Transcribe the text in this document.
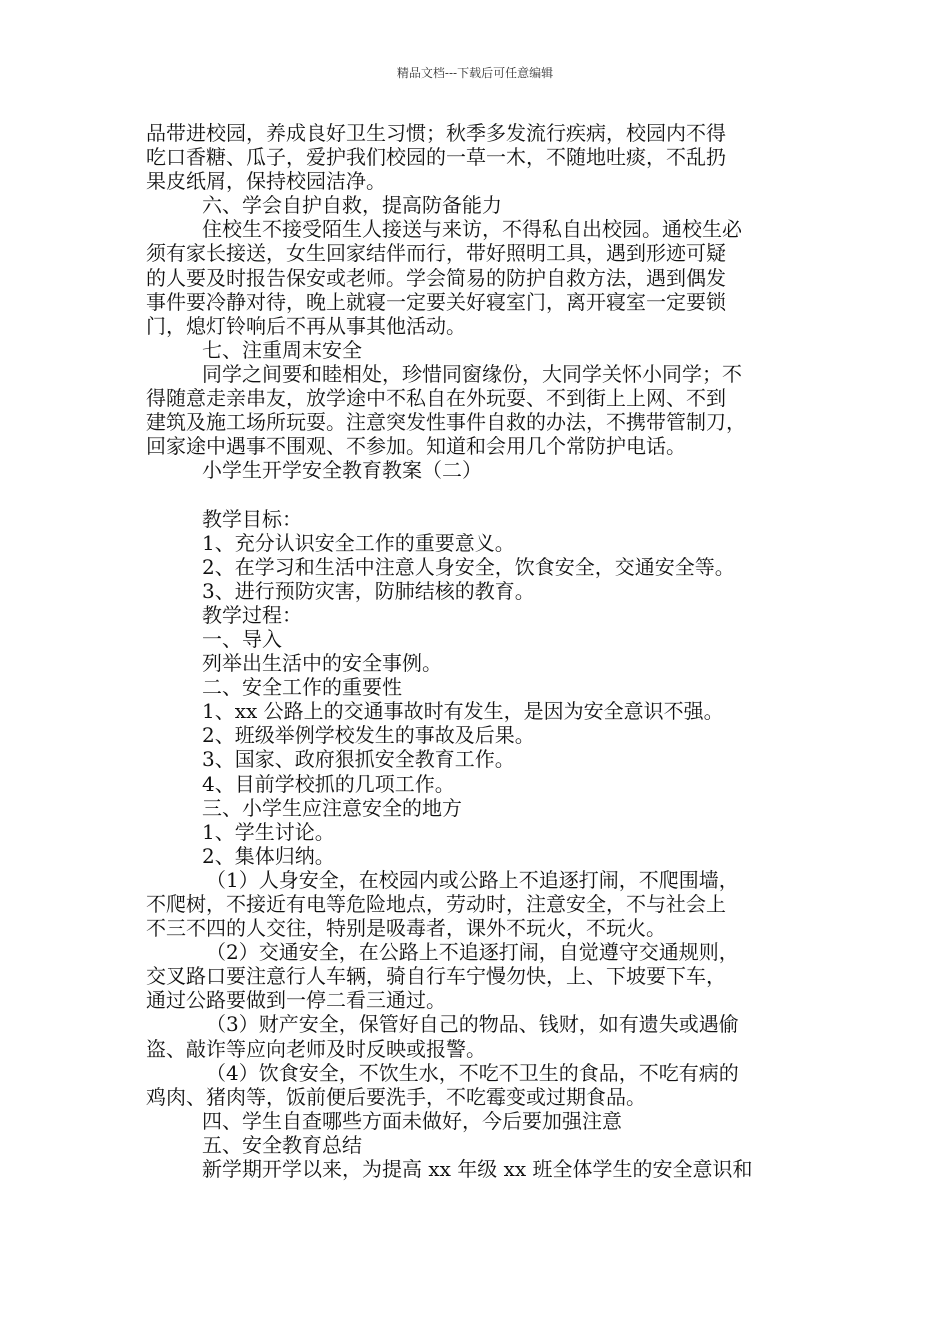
精品文档---下载后可任意编辑
品带进校园，养成良好卫生习惯；秋季多发流行疾病，校园内不得
吃口香糖、瓜子，爱护我们校园的一草一木，不随地吐痰，不乱扔
果皮纸屑，保持校园洁净。
六、学会自护自救，提高防备能力
住校生不接受陌生人接送与来访，不得私自出校园。通校生必
须有家长接送，女生回家结伴而行，带好照明工具，遇到形迹可疑
的人要及时报告保安或老师。学会简易的防护自救方法，遇到偶发
事件要冷静对待，晚上就寝一定要关好寝室门，离开寝室一定要锁
门，熄灯铃响后不再从事其他活动。
七、注重周末安全
同学之间要和睦相处，珍惜同窗缘份，大同学关怀小同学；不
得随意走亲串友，放学途中不私自在外玩耍、不到街上上网、不到
建筑及施工场所玩耍。注意突发性事件自救的办法，不携带管制刀，
回家途中遇事不围观、不参加。知道和会用几个常防护电话。
小学生开学安全教育教案（二）
教学目标：
1、充分认识安全工作的重要意义。
2、在学习和生活中注意人身安全，饮食安全，交通安全等。
3、进行预防灾害，防肺结核的教育。
教学过程：
一、导入
列举出生活中的安全事例。
二、安全工作的重要性
1、xx 公路上的交通事故时有发生，是因为安全意识不强。
2、班级举例学校发生的事故及后果。
3、国家、政府狠抓安全教育工作。
4、目前学校抓的几项工作。
三、小学生应注意安全的地方
1、学生讨论。
2、集体归纳。
（1）人身安全，在校园内或公路上不追逐打闹，不爬围墙，
不爬树，不接近有电等危险地点，劳动时，注意安全，不与社会上
不三不四的人交往，特别是吸毒者，课外不玩火，不玩火。
（2）交通安全，在公路上不追逐打闹，自觉遵守交通规则，
交叉路口要注意行人车辆，骑自行车宁慢勿快，上、下坡要下车，
通过公路要做到一停二看三通过。
（3）财产安全，保管好自己的物品、钱财，如有遗失或遇偷
盗、敲诈等应向老师及时反映或报警。
（4）饮食安全，不饮生水，不吃不卫生的食品，不吃有病的
鸡肉、猪肉等，饭前便后要洗手，不吃霉变或过期食品。
四、学生自查哪些方面未做好，今后要加强注意
五、安全教育总结
新学期开学以来，为提高 xx 年级 xx 班全体学生的安全意识和
